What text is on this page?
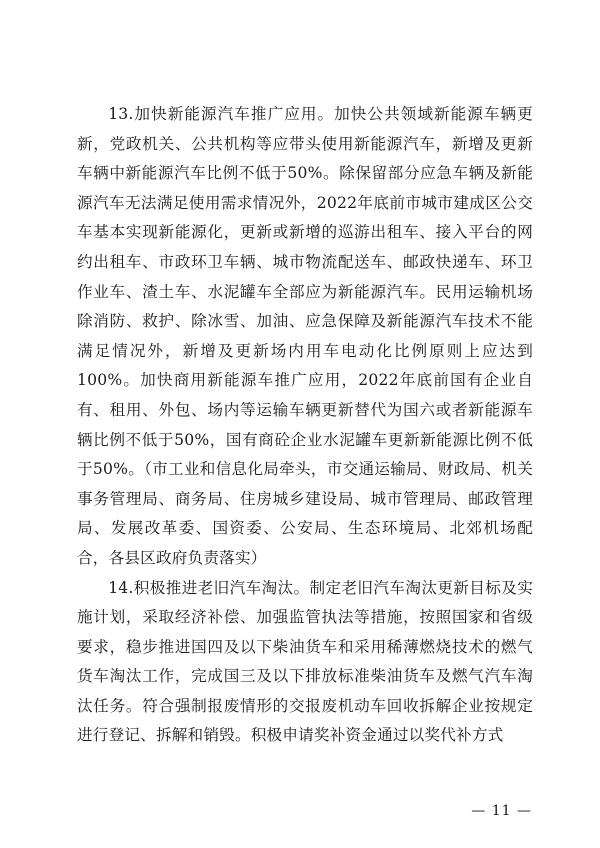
13.加快新能源汽车推广应用。加快公共领域新能源车辆更新，党政机关、公共机构等应带头使用新能源汽车，新增及更新车辆中新能源汽车比例不低于50%。除保留部分应急车辆及新能源汽车无法满足使用需求情况外，2022年底前市城市建成区公交车基本实现新能源化，更新或新增的巡游出租车、接入平台的网约出租车、市政环卫车辆、城市物流配送车、邮政快递车、环卫作业车、渣土车、水泥罐车全部应为新能源汽车。民用运输机场除消防、救护、除冰雪、加油、应急保障及新能源汽车技术不能满足情况外，新增及更新场内用车电动化比例原则上应达到100%。加快商用新能源车推广应用，2022年底前国有企业自有、租用、外包、场内等运输车辆更新替代为国六或者新能源车辆比例不低于50%，国有商砼企业水泥罐车更新新能源比例不低于50%。（市工业和信息化局牵头，市交通运输局、财政局、机关事务管理局、商务局、住房城乡建设局、城市管理局、邮政管理局、发展改革委、国资委、公安局、生态环境局、北郊机场配合，各县区政府负责落实）

14.积极推进老旧汽车淘汰。制定老旧汽车淘汰更新目标及实施计划，采取经济补偿、加强监管执法等措施，按照国家和省级要求，稳步推进国四及以下柴油货车和采用稀薄燃烧技术的燃气货车淘汰工作，完成国三及以下排放标准柴油货车及燃气汽车淘汰任务。符合强制报废情形的交报废机动车回收拆解企业按规定进行登记、拆解和销毁。积极申请奖补资金通过以奖代补方式

— 11 —
